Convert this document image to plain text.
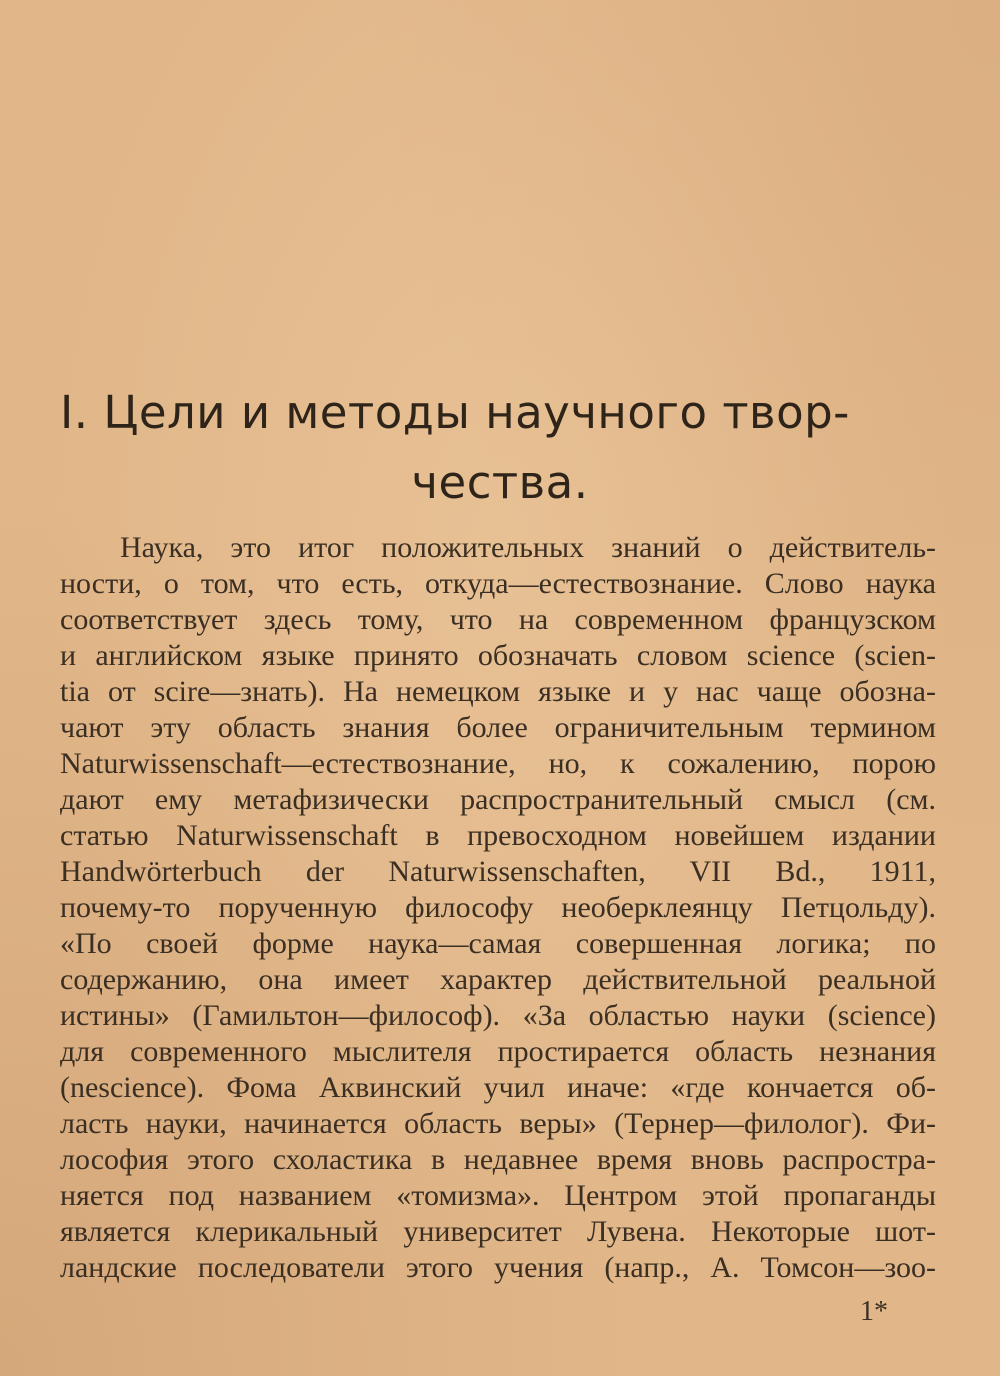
I. Цели и методы научного твор-
чества.
Наука, это итог положительных знаний о действитель-
ности, о том, что есть, откуда—естествознание. Слово наука
соответствует здесь тому, что на современном французском
и английском языке принято обозначать словом science (scien-
tia от scire—знать). На немецком языке и у нас чаще обозна-
чают эту область знания более ограничительным термином
Naturwissenschaft—естествознание, но, к сожалению, порою
дают ему метафизически распространительный смысл (см.
статью Naturwissenschaft в превосходном новейшем издании
Handwörterbuch der Naturwissenschaften, VII Bd., 1911,
почему-то порученную философу необерклеянцу Петцольду).
«По своей форме наука—самая совершенная логика; по
содержанию, она имеет характер действительной реальной
истины» (Гамильтон—философ). «За областью науки (science)
для современного мыслителя простирается область незнания
(nescience). Фома Аквинский учил иначе: «где кончается об-
ласть науки, начинается область веры» (Тернер—филолог). Фи-
лософия этого схоластика в недавнее время вновь распростра-
няется под названием «томизма». Центром этой пропаганды
является клерикальный университет Лувена. Некоторые шот-
ландские последователи этого учения (напр., А. Томсон—зоо-
1*
